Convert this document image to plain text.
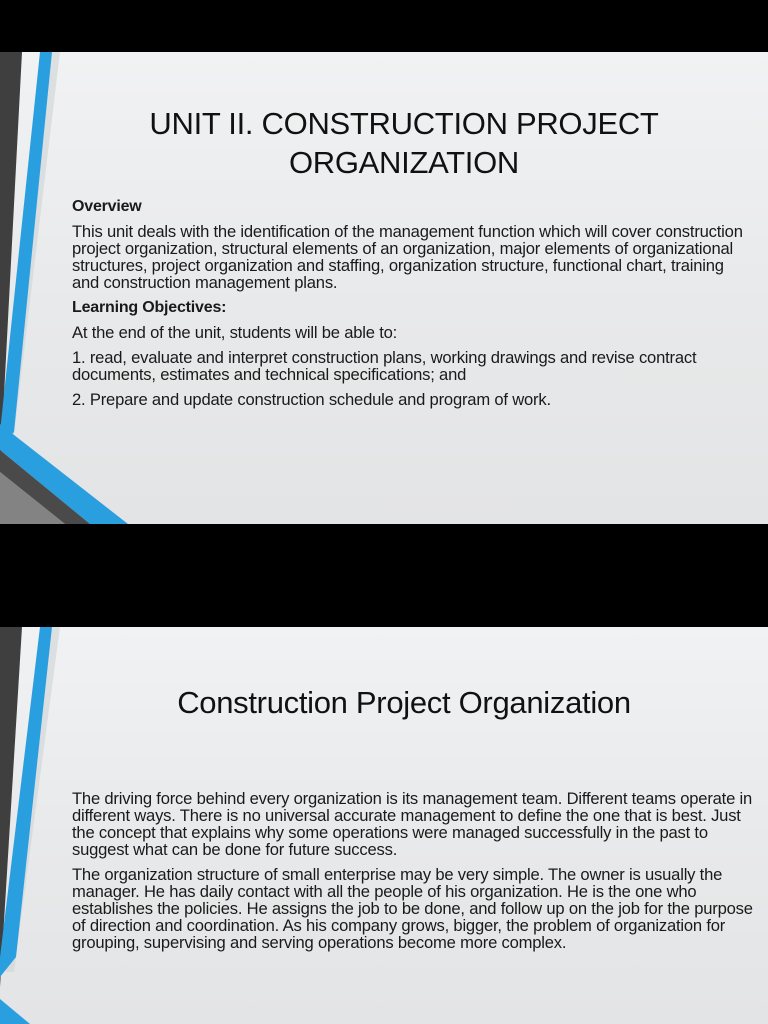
UNIT II. CONSTRUCTION PROJECT
ORGANIZATION

Overview

This unit deals with the identification of the management function which will cover construction project organization, structural elements of an organization, major elements of organizational structures, project organization and staffing, organization structure, functional chart, training and construction management plans.

Learning Objectives:

At the end of the unit, students will be able to:

1. read, evaluate and interpret construction plans, working drawings and revise contract documents, estimates and technical specifications; and

2. Prepare and update construction schedule and program of work.

Construction Project Organization

The driving force behind every organization is its management team. Different teams operate in different ways. There is no universal accurate management to define the one that is best. Just the concept that explains why some operations were managed successfully in the past to suggest what can be done for future success.

The organization structure of small enterprise may be very simple. The owner is usually the manager. He has daily contact with all the people of his organization. He is the one who establishes the policies. He assigns the job to be done, and follow up on the job for the purpose of direction and coordination. As his company grows, bigger, the problem of organization for grouping, supervising and serving operations become more complex.
